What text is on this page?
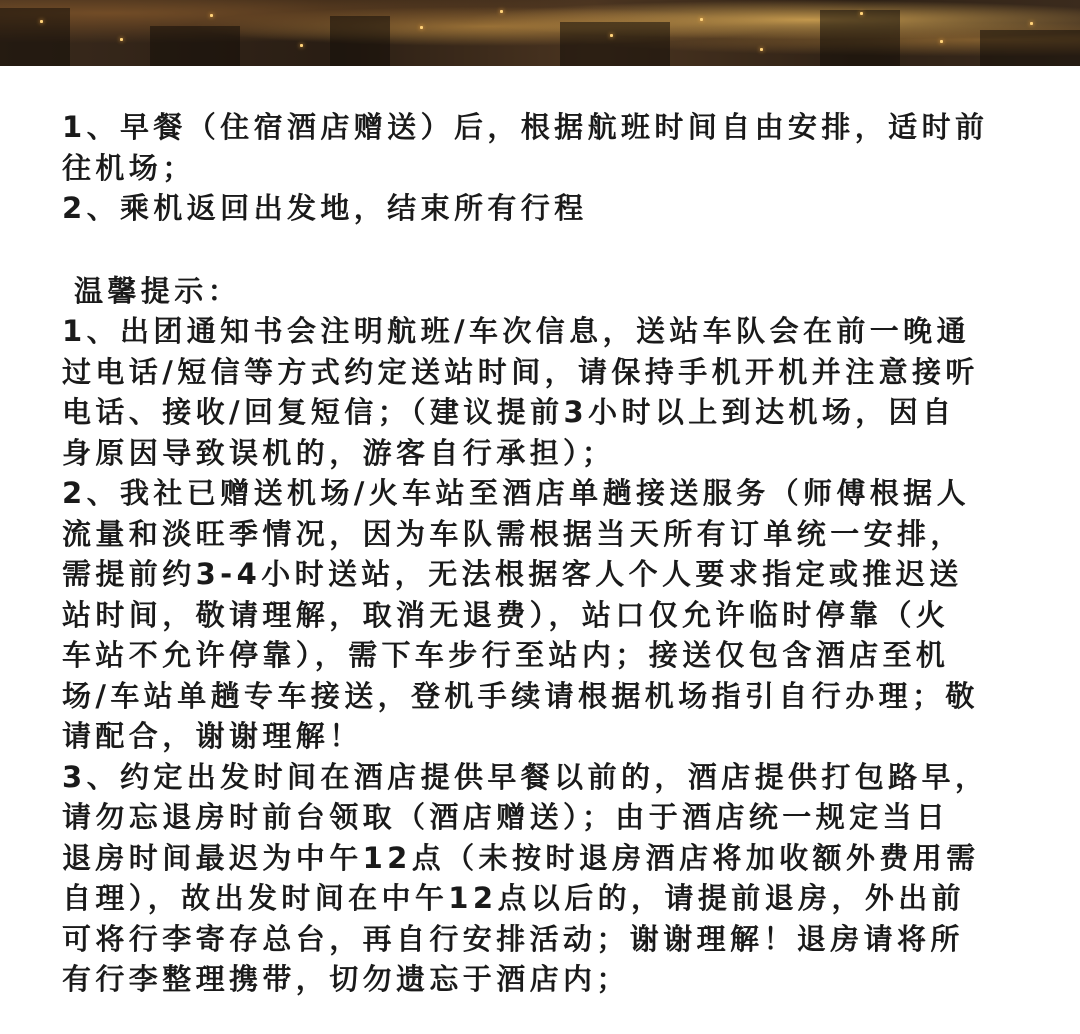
1、早餐（住宿酒店赠送）后，根据航班时间自由安排，适时前
往机场；
2、乘机返回出发地，结束所有行程
温馨提示：
1、出团通知书会注明航班/车次信息，送站车队会在前一晚通
过电话/短信等方式约定送站时间，请保持手机开机并注意接听
电话、接收/回复短信；（建议提前3小时以上到达机场，因自
身原因导致误机的，游客自行承担）；
2、我社已赠送机场/火车站至酒店单趟接送服务（师傅根据人
流量和淡旺季情况，因为车队需根据当天所有订单统一安排，
需提前约3-4小时送站，无法根据客人个人要求指定或推迟送
站时间，敬请理解，取消无退费），站口仅允许临时停靠（火
车站不允许停靠），需下车步行至站内；接送仅包含酒店至机
场/车站单趟专车接送，登机手续请根据机场指引自行办理；敬
请配合，谢谢理解！
3、约定出发时间在酒店提供早餐以前的，酒店提供打包路早，
请勿忘退房时前台领取（酒店赠送）；由于酒店统一规定当日
退房时间最迟为中午12点（未按时退房酒店将加收额外费用需
自理），故出发时间在中午12点以后的，请提前退房，外出前
可将行李寄存总台，再自行安排活动；谢谢理解！退房请将所
有行李整理携带，切勿遗忘于酒店内；
